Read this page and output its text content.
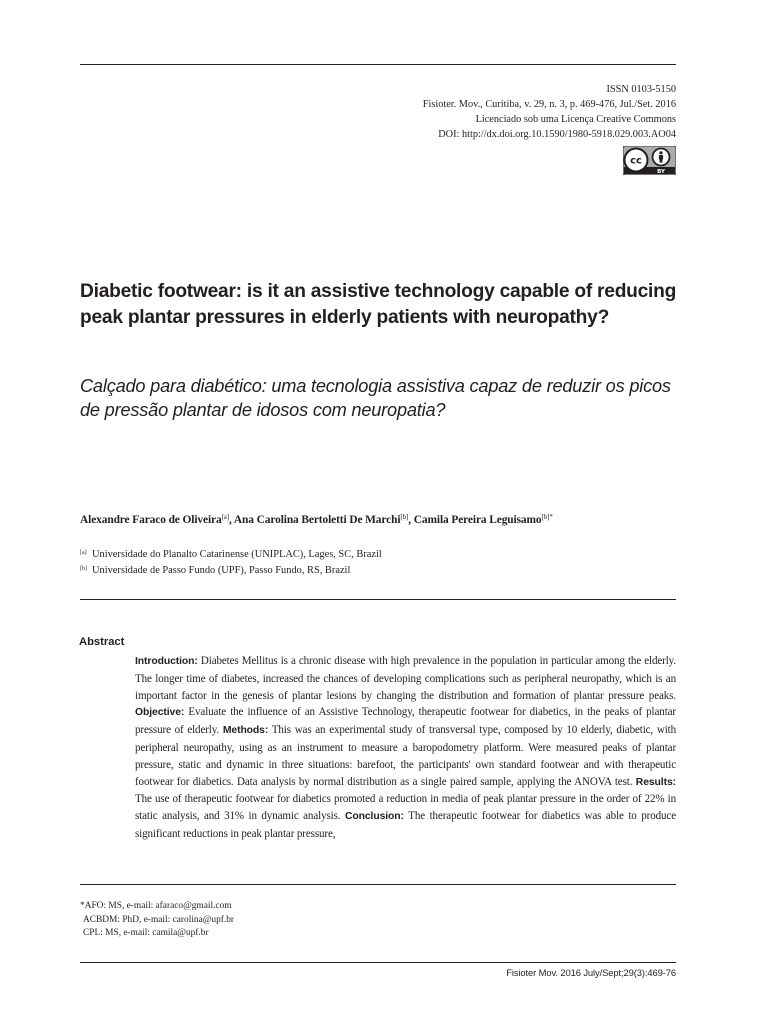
ISSN 0103-5150
Fisioter. Mov., Curitiba, v. 29, n. 3, p. 469-476, Jul./Set. 2016
Licenciado sob uma Licença Creative Commons
DOI: http://dx.doi.org.10.1590/1980-5918.029.003.AO04
cc
BY
Diabetic footwear: is it an assistive technology capable of reducing peak plantar pressures in elderly patients with neuropathy?
Calçado para diabético: uma tecnologia assistiva capaz de reduzir os picos de pressão plantar de idosos com neuropatia?
Alexandre Faraco de Oliveira[a], Ana Carolina Bertoletti De Marchi[b], Camila Pereira Leguisamo$^{[b]*}$
[a] Universidade do Planalto Catarinense (UNIPLAC), Lages, SC, Brazil
[b] Universidade de Passo Fundo (UPF), Passo Fundo, RS, Brazil
Abstract
Introduction: Diabetes Mellitus is a chronic disease with high prevalence in the population in particular among the elderly. The longer time of diabetes, increased the chances of developing complications such as peripheral neuropathy, which is an important factor in the genesis of plantar lesions by changing the distribution and formation of plantar pressure peaks. Objective: Evaluate the influence of an Assistive Technology, therapeutic footwear for diabetics, in the peaks of plantar pressure of elderly. Methods: This was an experimental study of transversal type, composed by 10 elderly, diabetic, with peripheral neuropathy, using as an instrument to measure a baropodometry platform. Were measured peaks of plantar pressure, static and dynamic in three situations: barefoot, the participants' own standard footwear and with therapeutic footwear for diabetics. Data analysis by normal distribution as a single paired sample, applying the ANOVA test. Results: The use of therapeutic footwear for diabetics promoted a reduction in media of peak plantar pressure in the order of 22% in static analysis, and 31% in dynamic analysis. Conclusion: The therapeutic footwear for diabetics was able to produce significant reductions in peak plantar pressure,
*AFO: MS, e-mail: afaraco@gmail.com
ACBDM: PhD, e-mail: carolina@upf.br
CPL: MS, e-mail: camila@upf.br
Fisioter Mov. 2016 July/Sept;29(3):469-76
